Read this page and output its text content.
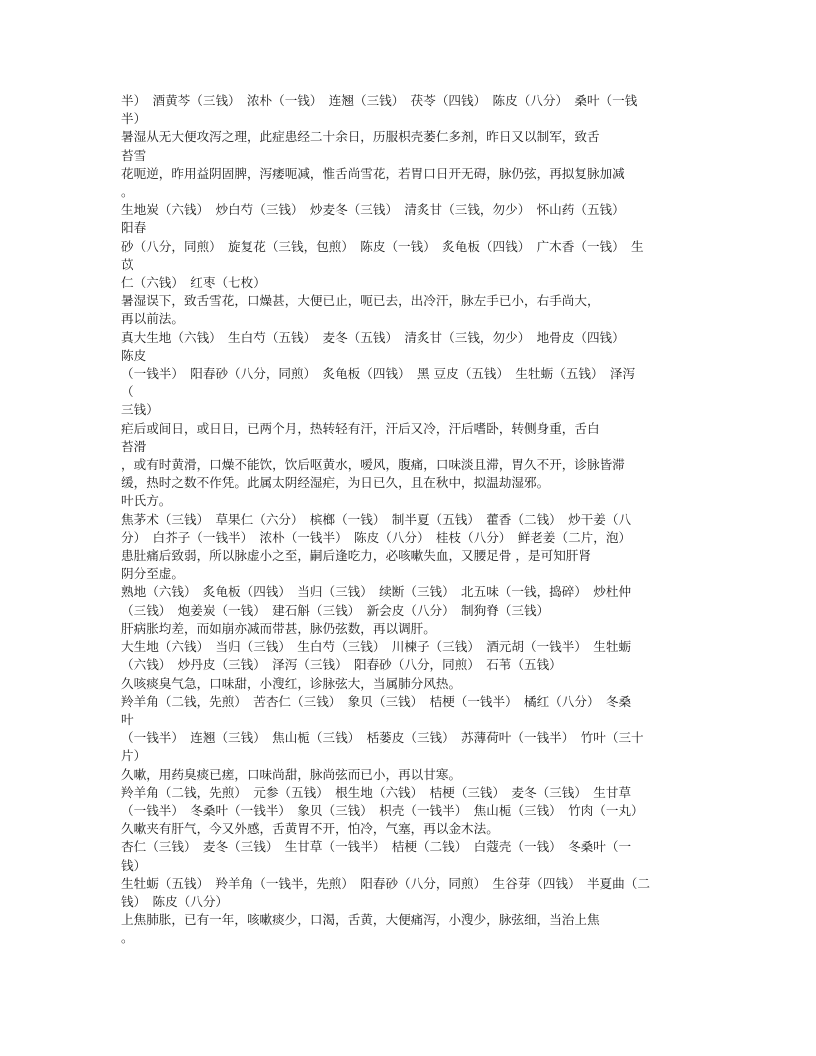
半）　酒黄芩（三钱）　浓朴（一钱）　连翘（三钱）　茯苓（四钱）　陈皮（八分）　桑叶（一钱
半）
暑湿从无大便攻泻之理，此症患经二十余日，历服枳壳萎仁多剂，昨日又以制军，致舌
苔雪
花呃逆，昨用益阴固脾，泻痿呃减，惟舌尚雪花，若胃口日开无碍，脉仍弦，再拟复脉加减
。
生地炭（六钱）　炒白芍（三钱）　炒麦冬（三钱）　清炙甘（三钱，勿少）　怀山药（五钱）
阳春
砂（八分，同煎）　旋复花（三钱，包煎）　陈皮（一钱）　炙龟板（四钱）　广木香（一钱）　生
苡
仁（六钱）　红枣（七枚）
暑湿误下，致舌雪花，口燥甚，大便已止，呃已去，出冷汗，脉左手已小，右手尚大，
再以前法。
真大生地（六钱）　生白芍（五钱）　麦冬（五钱）　清炙甘（三钱，勿少）　地骨皮（四钱）
陈皮
（一钱半）　阳春砂（八分，同煎）　炙龟板（四钱）　黑 豆皮（五钱）　生牡蛎（五钱）　泽泻
（
三钱）
疟后或间日，或日日，已两个月，热转轻有汗，汗后又冷，汗后嗜卧，转侧身重，舌白
苔滑
，或有时黄滑，口燥不能饮，饮后呕黄水，嗳风，腹痛，口味淡且滞，胃久不开，诊脉皆滞
缓，热时之数不作凭。此属太阴经湿疟，为日已久，且在秋中，拟温劫湿邪。
叶氏方。
焦茅术（三钱）　草果仁（六分）　槟榔（一钱）　制半夏（五钱）　藿香（二钱）　炒干姜（八
分）　白芥子（一钱半）　浓朴（一钱半）　陈皮（八分）　桂枝（八分）　鲜老姜（二片，泡）
患肚痛后致弱，所以脉虚小之至，嗣后逢吃力，必咳嗽失血，又腰足骨 ，是可知肝肾
阴分至虚。
熟地（六钱）　炙龟板（四钱）　当归（三钱）　续断（三钱）　北五味（一钱，捣碎）　炒杜仲
（三钱）　炮姜炭（一钱）　建石斛（三钱）　新会皮（八分）　制狗脊（三钱）
肝病胀均差，而如崩亦减而带甚，脉仍弦数，再以调肝。
大生地（六钱）　当归（三钱）　生白芍（三钱）　川楝子（三钱）　酒元胡（一钱半）　生牡蛎
（六钱）　炒丹皮（三钱）　泽泻（三钱）　阳春砂（八分，同煎）　石苇（五钱）
久咳痰臭气急，口味甜，小溲红，诊脉弦大，当属肺分风热。
羚羊角（二钱，先煎）　苦杏仁（三钱）　象贝（三钱）　桔梗（一钱半）　橘红（八分）　冬桑
叶
（一钱半）　连翘（三钱）　焦山栀（三钱）　栝蒌皮（三钱）　苏薄荷叶（一钱半）　竹叶（三十
片）
久嗽，用药臭痰已瘥，口味尚甜，脉尚弦而已小，再以甘寒。
羚羊角（二钱，先煎）　元参（五钱）　根生地（六钱）　桔梗（三钱）　麦冬（三钱）　生甘草
（一钱半）　冬桑叶（一钱半）　象贝（三钱）　枳壳（一钱半）　焦山栀（三钱）　竹肉（一丸）
久嗽夹有肝气，今又外感，舌黄胃不开，怕冷，气塞，再以金木法。
杏仁（三钱）　麦冬（三钱）　生甘草（一钱半）　桔梗（二钱）　白蔻壳（一钱）　冬桑叶（一
钱）
生牡蛎（五钱）　羚羊角（一钱半，先煎）　阳春砂（八分，同煎）　生谷芽（四钱）　半夏曲（二
钱）　陈皮（八分）
上焦肺胀，已有一年，咳嗽痰少，口渴，舌黄，大便痛泻，小溲少，脉弦细，当治上焦
。
